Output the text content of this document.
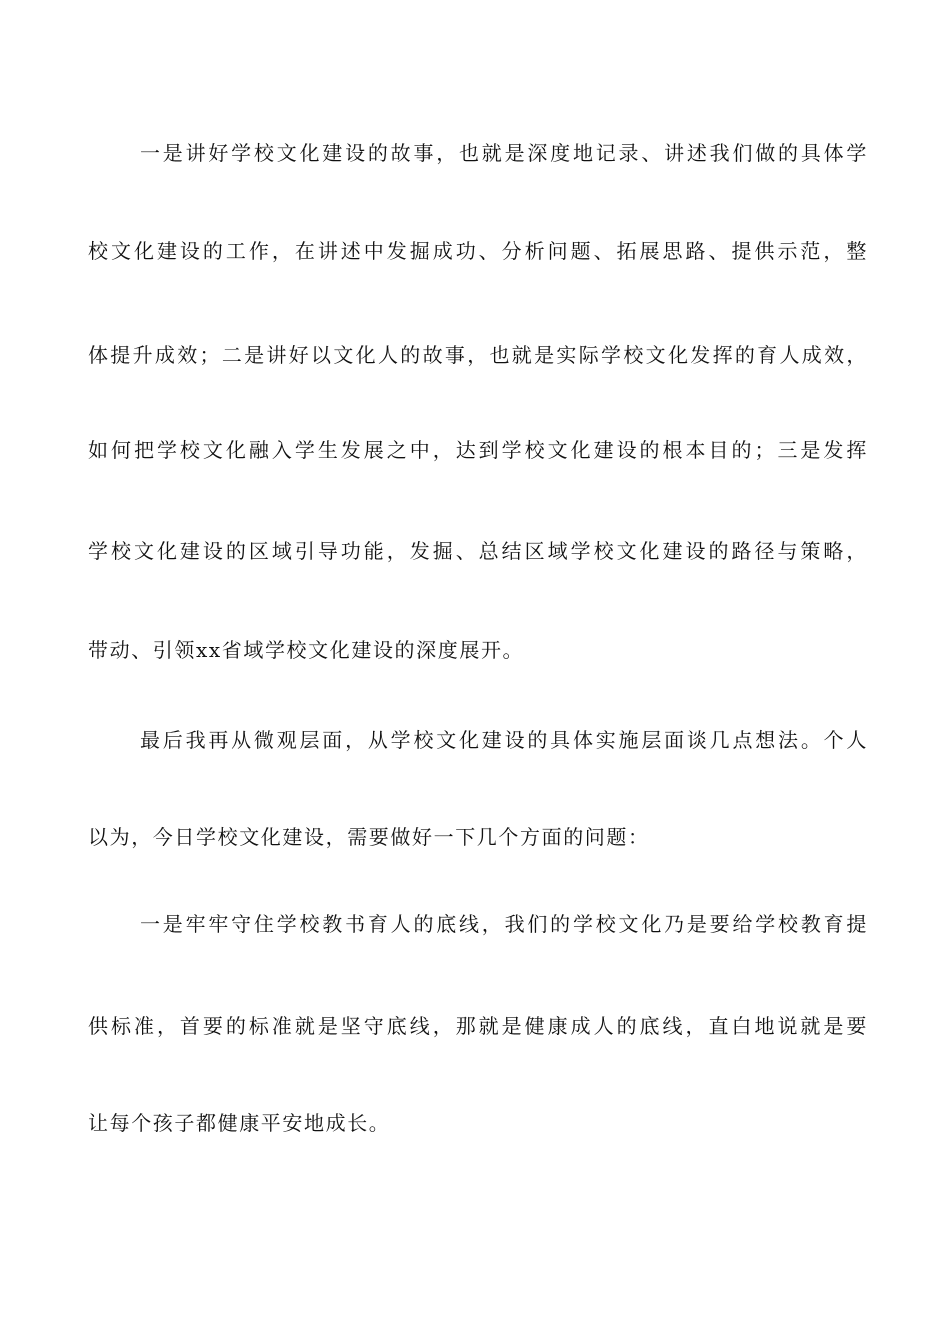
一是讲好学校文化建设的故事，也就是深度地记录、讲述我们做的具体学
校文化建设的工作，在讲述中发掘成功、分析问题、拓展思路、提供示范，整
体提升成效；二是讲好以文化人的故事，也就是实际学校文化发挥的育人成效，
如何把学校文化融入学生发展之中，达到学校文化建设的根本目的；三是发挥
学校文化建设的区域引导功能，发掘、总结区域学校文化建设的路径与策略，
带动、引领xx省域学校文化建设的深度展开。
最后我再从微观层面，从学校文化建设的具体实施层面谈几点想法。个人
以为，今日学校文化建设，需要做好一下几个方面的问题：
一是牢牢守住学校教书育人的底线，我们的学校文化乃是要给学校教育提
供标准，首要的标准就是坚守底线，那就是健康成人的底线，直白地说就是要
让每个孩子都健康平安地成长。
